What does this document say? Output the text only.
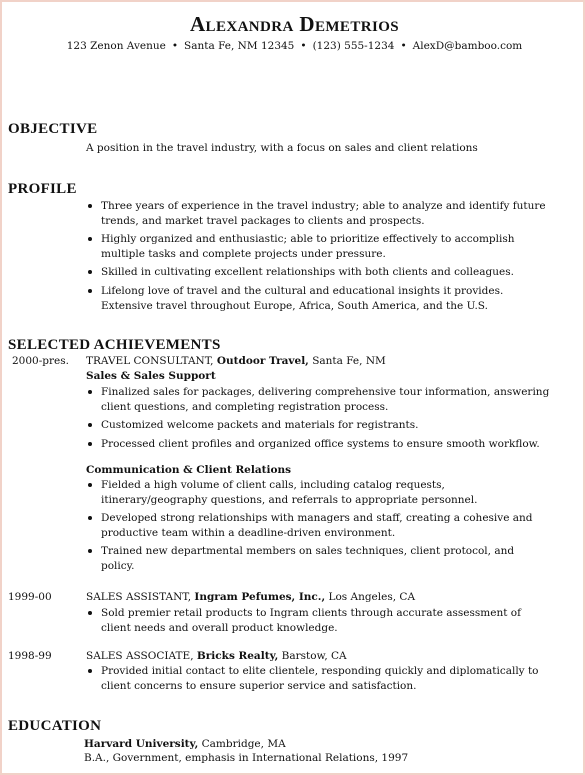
Alexandra Demetrios
123 Zenon Avenue • Santa Fe, NM 12345 • (123) 555-1234 • AlexD@bamboo.com
OBJECTIVE
A position in the travel industry, with a focus on sales and client relations
PROFILE
Three years of experience in the travel industry; able to analyze and identify future trends, and market travel packages to clients and prospects.
Highly organized and enthusiastic; able to prioritize effectively to accomplish multiple tasks and complete projects under pressure.
Skilled in cultivating excellent relationships with both clients and colleagues.
Lifelong love of travel and the cultural and educational insights it provides. Extensive travel throughout Europe, Africa, South America, and the U.S.
SELECTED ACHIEVEMENTS
2000-pres. TRAVEL CONSULTANT, Outdoor Travel, Santa Fe, NM
Sales & Sales Support
Finalized sales for packages, delivering comprehensive tour information, answering client questions, and completing registration process.
Customized welcome packets and materials for registrants.
Processed client profiles and organized office systems to ensure smooth workflow.
Communication & Client Relations
Fielded a high volume of client calls, including catalog requests, itinerary/geography questions, and referrals to appropriate personnel.
Developed strong relationships with managers and staff, creating a cohesive and productive team within a deadline-driven environment.
Trained new departmental members on sales techniques, client protocol, and policy.
1999-00	SALES ASSISTANT, Ingram Pefumes, Inc., Los Angeles, CA
Sold premier retail products to Ingram clients through accurate assessment of client needs and overall product knowledge.
1998-99	SALES ASSOCIATE, Bricks Realty, Barstow, CA
Provided initial contact to elite clientele, responding quickly and diplomatically to client concerns to ensure superior service and satisfaction.
EDUCATION
Harvard University, Cambridge, MA
B.A., Government, emphasis in International Relations, 1997
